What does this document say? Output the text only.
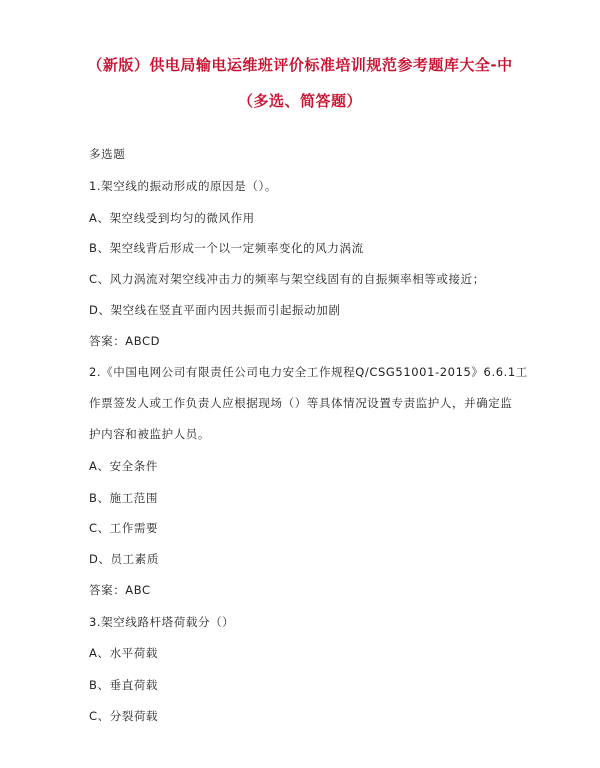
（新版）供电局输电运维班评价标准培训规范参考题库大全-中
（多选、简答题）
多选题
1.架空线的振动形成的原因是（）。
A、架空线受到均匀的微风作用
B、架空线背后形成一个以一定频率变化的风力涡流
C、风力涡流对架空线冲击力的频率与架空线固有的自振频率相等或接近；
D、架空线在竖直平面内因共振而引起振动加剧
答案：ABCD
2.《中国电网公司有限责任公司电力安全工作规程Q/CSG51001-2015》6.6.1工
作票签发人或工作负责人应根据现场（）等具体情况设置专责监护人，并确定监
护内容和被监护人员。
A、安全条件
B、施工范围
C、工作需要
D、员工素质
答案：ABC
3.架空线路杆塔荷载分（）
A、水平荷载
B、垂直荷载
C、分裂荷载
